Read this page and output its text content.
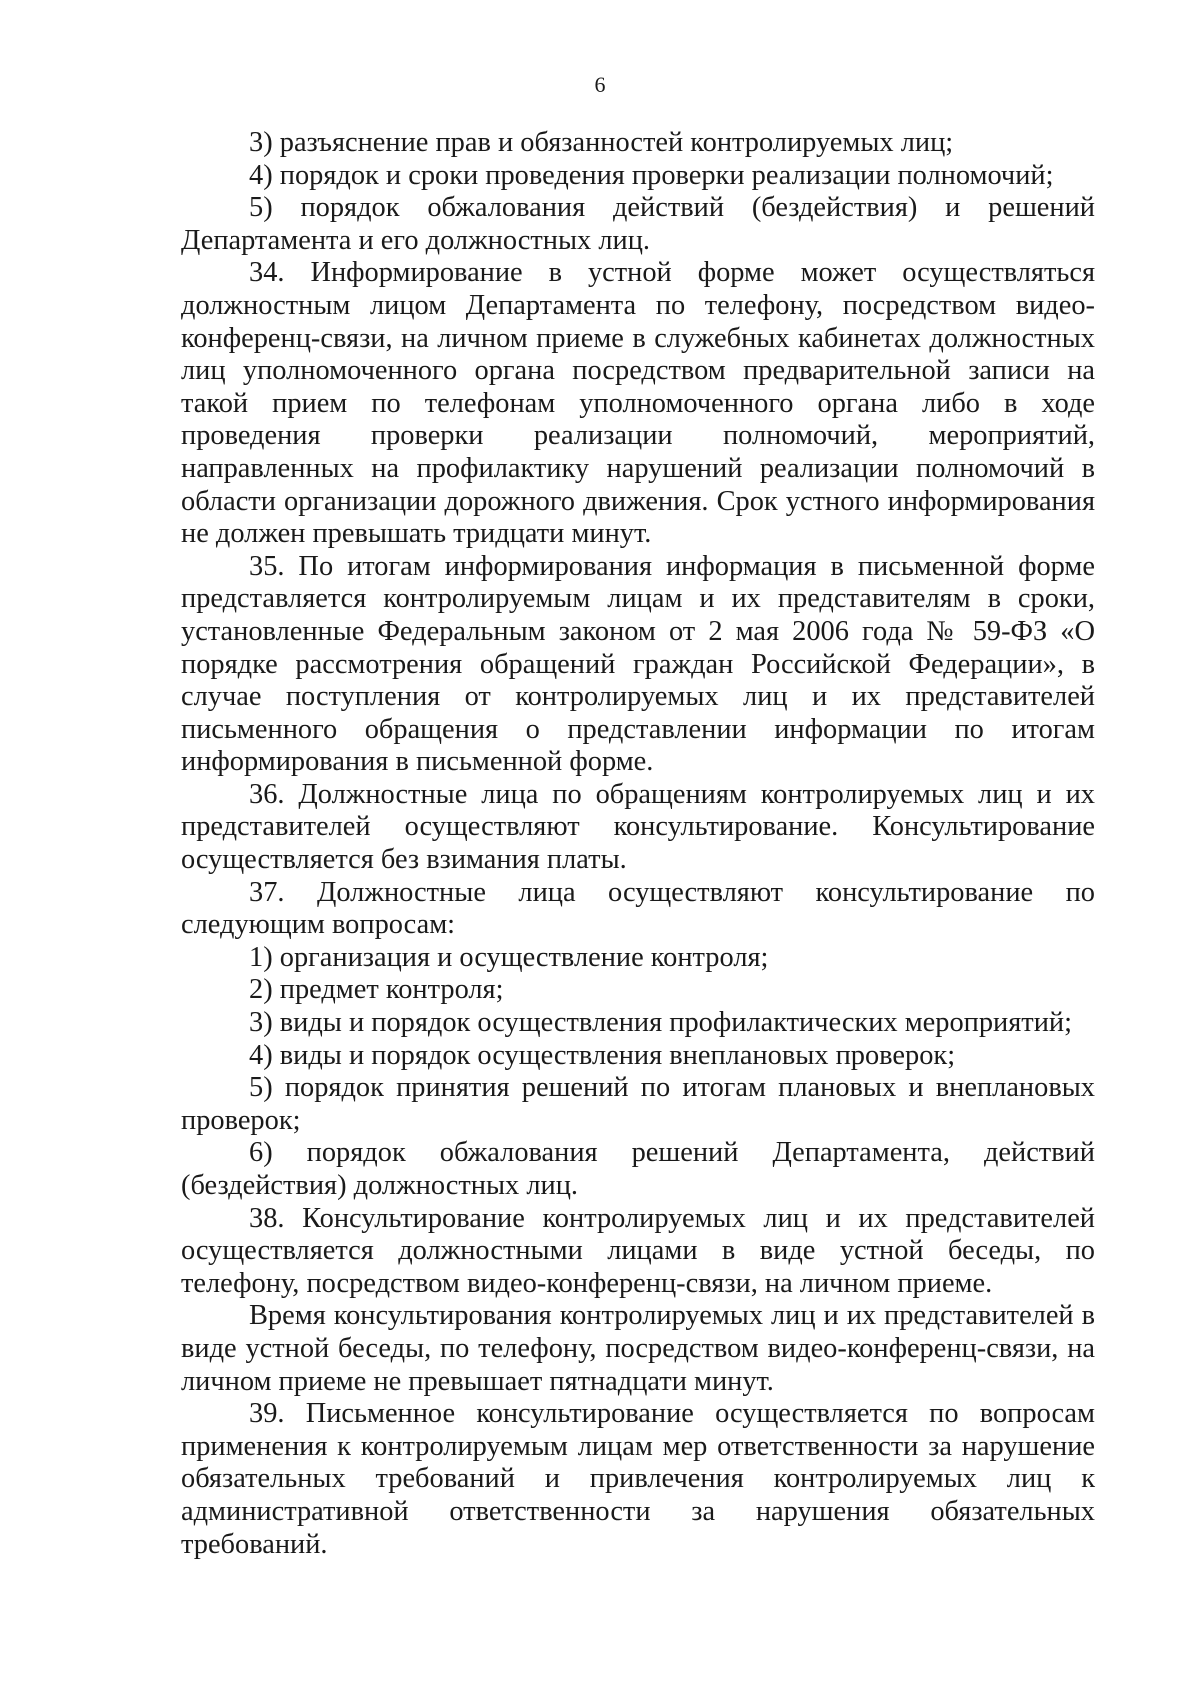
6

3) разъяснение прав и обязанностей контролируемых лиц;

4) порядок и сроки проведения проверки реализации полномочий;

5) порядок обжалования действий (бездействия) и решений Департамента и его должностных лиц.

34. Информирование в устной форме может осуществляться должностным лицом Департамента по телефону, посредством видео-конференц-связи, на личном приеме в служебных кабинетах должностных лиц уполномоченного органа посредством предварительной записи на такой прием по телефонам уполномоченного органа либо в ходе проведения проверки реализации полномочий, мероприятий, направленных на профилактику нарушений реализации полномочий в области организации дорожного движения. Срок устного информирования не должен превышать тридцати минут.

35. По итогам информирования информация в письменной форме представляется контролируемым лицам и их представителям в сроки, установленные Федеральным законом от 2 мая 2006 года № 59-ФЗ «О порядке рассмотрения обращений граждан Российской Федерации», в случае поступления от контролируемых лиц и их представителей письменного обращения о представлении информации по итогам информирования в письменной форме.

36. Должностные лица по обращениям контролируемых лиц и их представителей осуществляют консультирование. Консультирование осуществляется без взимания платы.

37. Должностные лица осуществляют консультирование по следующим вопросам:

1) организация и осуществление контроля;

2) предмет контроля;

3) виды и порядок осуществления профилактических мероприятий;

4) виды и порядок осуществления внеплановых проверок;

5) порядок принятия решений по итогам плановых и внеплановых проверок;

6) порядок обжалования решений Департамента, действий (бездействия) должностных лиц.

38. Консультирование контролируемых лиц и их представителей осуществляется должностными лицами в виде устной беседы, по телефону, посредством видео-конференц-связи, на личном приеме.

Время консультирования контролируемых лиц и их представителей в виде устной беседы, по телефону, посредством видео-конференц-связи, на личном приеме не превышает пятнадцати минут.

39. Письменное консультирование осуществляется по вопросам применения к контролируемым лицам мер ответственности за нарушение обязательных требований и привлечения контролируемых лиц к административной ответственности за нарушения обязательных требований.
